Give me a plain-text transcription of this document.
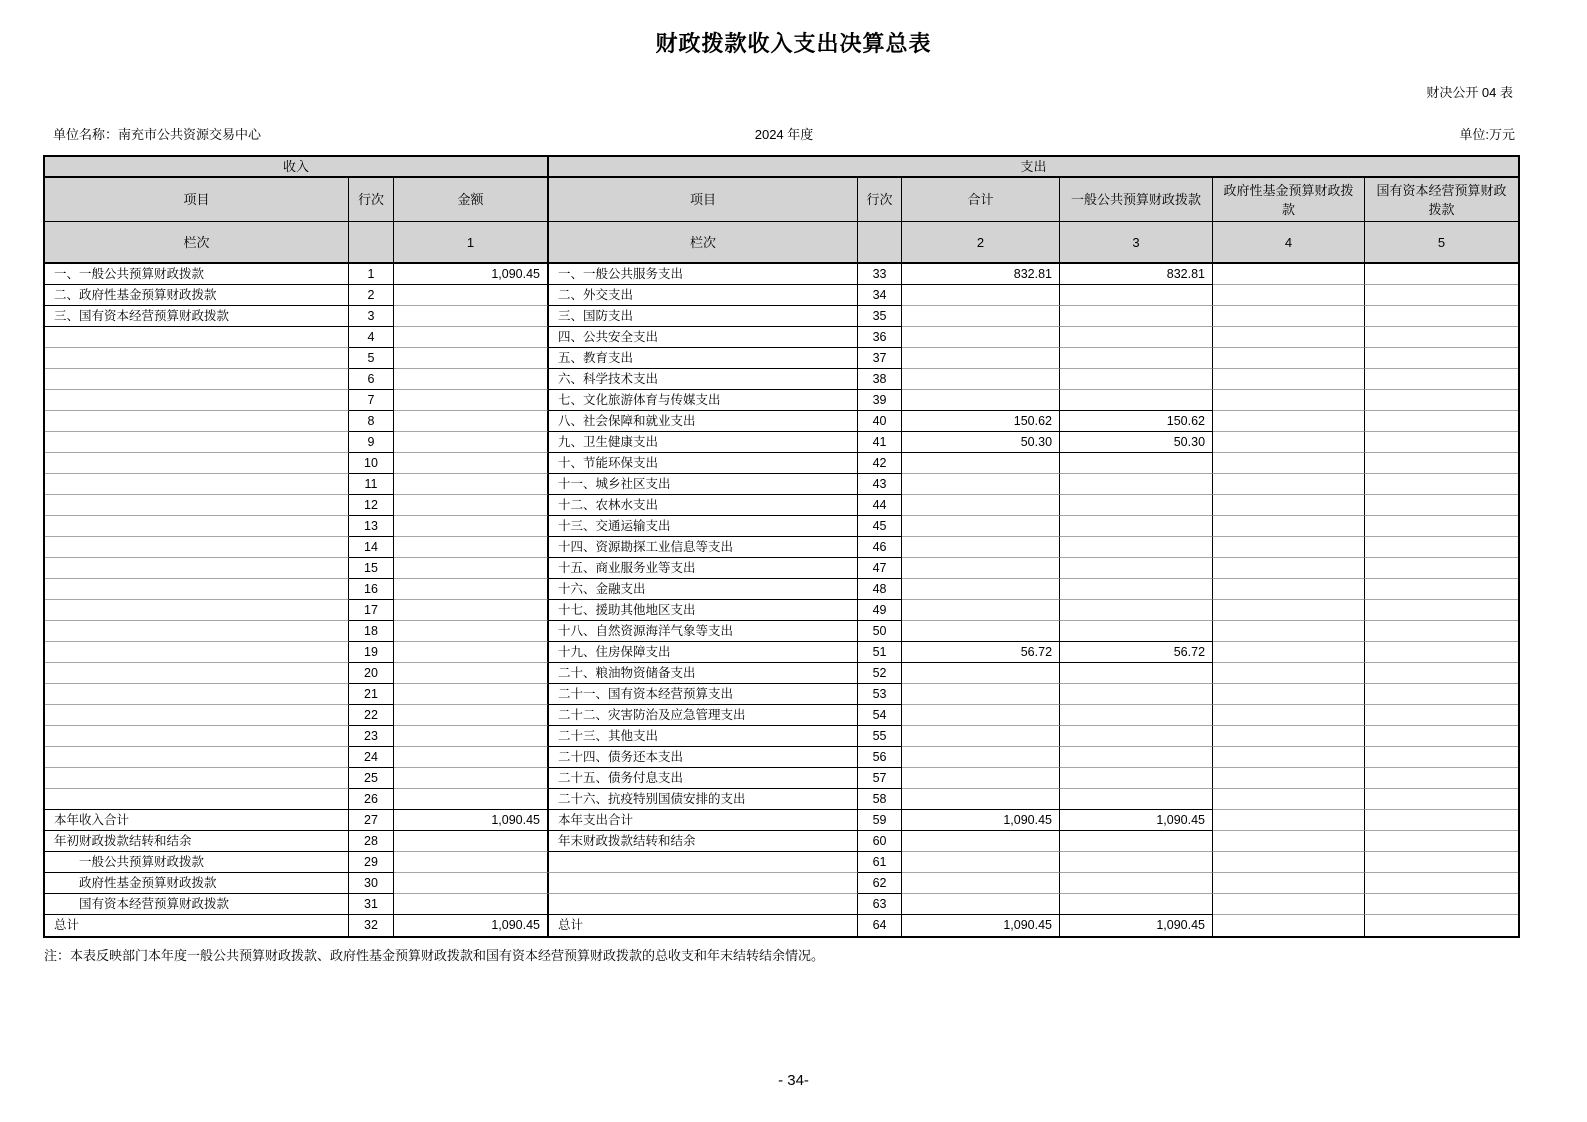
财政拨款收入支出决算总表
财决公开 04 表
单位名称：南充市公共资源交易中心	2024 年度	单位:万元
收入			支出					
项目	行次	金额	项目	行次	合计	一般公共预算财政拨款	政府性基金预算财政拨款	国有资本经营预算财政拨款
栏次		1	栏次		2	3	4	5
一、一般公共预算财政拨款	1	1,090.45	一、一般公共服务支出	33	832.81	832.81		
二、政府性基金预算财政拨款	2		二、外交支出	34				
三、国有资本经营预算财政拨款	3		三、国防支出	35				
	4		四、公共安全支出	36				
	5		五、教育支出	37				
	6		六、科学技术支出	38				
	7		七、文化旅游体育与传媒支出	39				
	8		八、社会保障和就业支出	40	150.62	150.62		
	9		九、卫生健康支出	41	50.30	50.30		
	10		十、节能环保支出	42				
	11		十一、城乡社区支出	43				
	12		十二、农林水支出	44				
	13		十三、交通运输支出	45				
	14		十四、资源勘探工业信息等支出	46				
	15		十五、商业服务业等支出	47				
	16		十六、金融支出	48				
	17		十七、援助其他地区支出	49				
	18		十八、自然资源海洋气象等支出	50				
	19		十九、住房保障支出	51	56.72	56.72		
	20		二十、粮油物资储备支出	52				
	21		二十一、国有资本经营预算支出	53				
	22		二十二、灾害防治及应急管理支出	54				
	23		二十三、其他支出	55				
	24		二十四、债务还本支出	56				
	25		二十五、债务付息支出	57				
	26		二十六、抗疫特别国债安排的支出	58				
本年收入合计	27	1,090.45	本年支出合计	59	1,090.45	1,090.45		
年初财政拨款结转和结余	28		年末财政拨款结转和结余	60				
　　一般公共预算财政拨款	29			61				
　　政府性基金预算财政拨款	30			62				
　　国有资本经营预算财政拨款	31			63				
总计	32	1,090.45	总计	64	1,090.45	1,090.45		
注：本表反映部门本年度一般公共预算财政拨款、政府性基金预算财政拨款和国有资本经营预算财政拨款的总收支和年末结转结余情况。
- 34-
